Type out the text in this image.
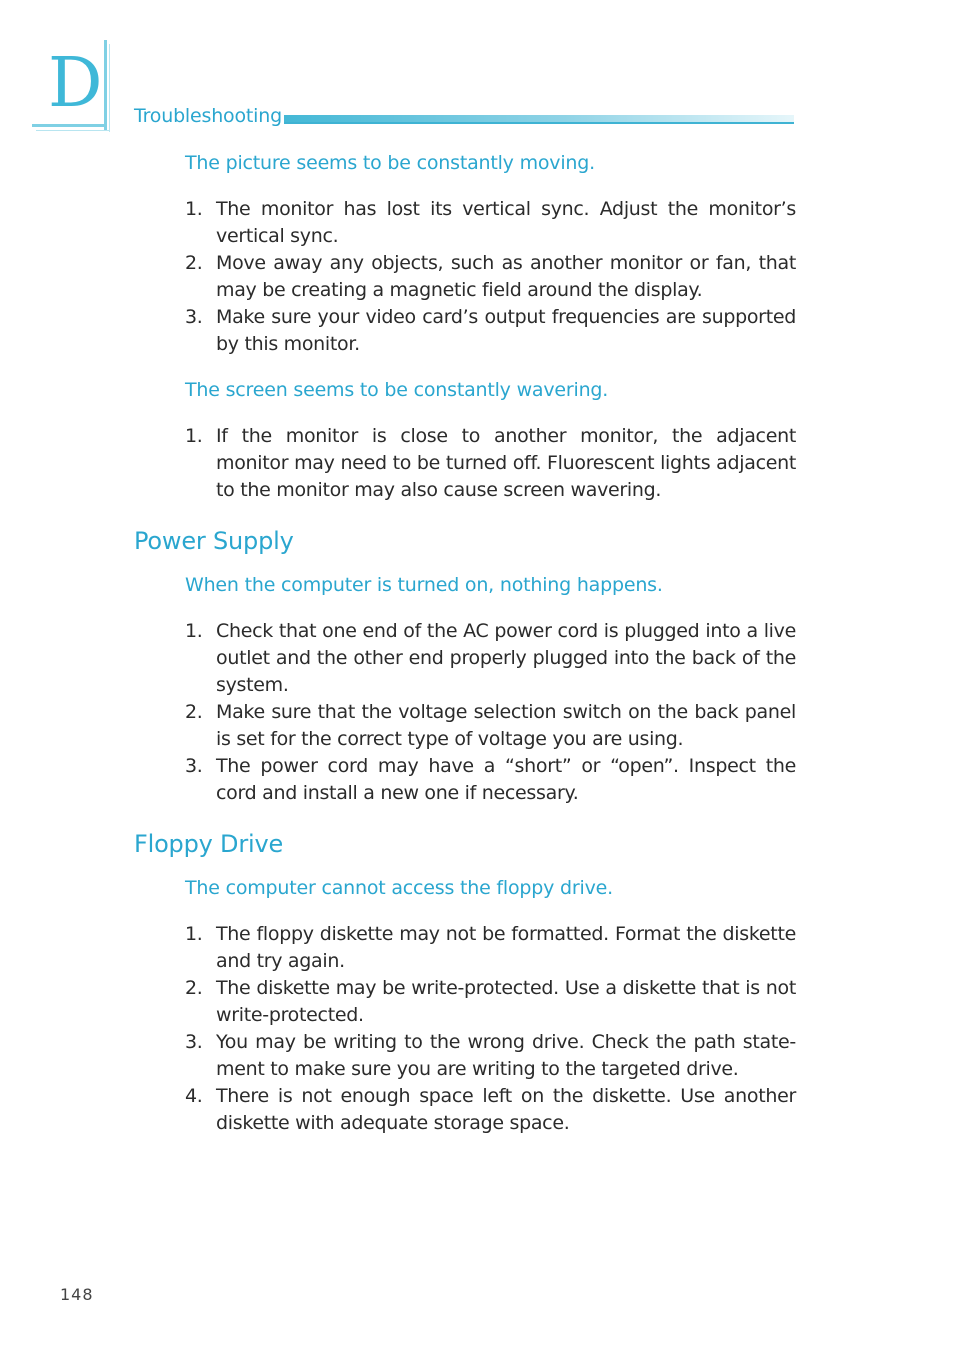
D Troubleshooting
The picture seems to be constantly moving.
1. The monitor has lost its vertical sync. Adjust the monitor’s vertical sync.
2. Move away any objects, such as another monitor or fan, that may be creating a magnetic field around the display.
3. Make sure your video card’s output frequencies are supported by this monitor.
The screen seems to be constantly wavering.
1. If the monitor is close to another monitor, the adjacent monitor may need to be turned off. Fluorescent lights adjacent to the monitor may also cause screen wavering.
Power Supply
When the computer is turned on, nothing happens.
1. Check that one end of the AC power cord is plugged into a live outlet and the other end properly plugged into the back of the system.
2. Make sure that the voltage selection switch on the back panel is set for the correct type of voltage you are using.
3. The power cord may have a “short” or “open”. Inspect the cord and install a new one if necessary.
Floppy Drive
The computer cannot access the floppy drive.
1. The floppy diskette may not be formatted. Format the diskette and try again.
2. The diskette may be write-protected. Use a diskette that is not write-protected.
3. You may be writing to the wrong drive. Check the path state-ment to make sure you are writing to the targeted drive.
4. There is not enough space left on the diskette. Use another diskette with adequate storage space.
148
